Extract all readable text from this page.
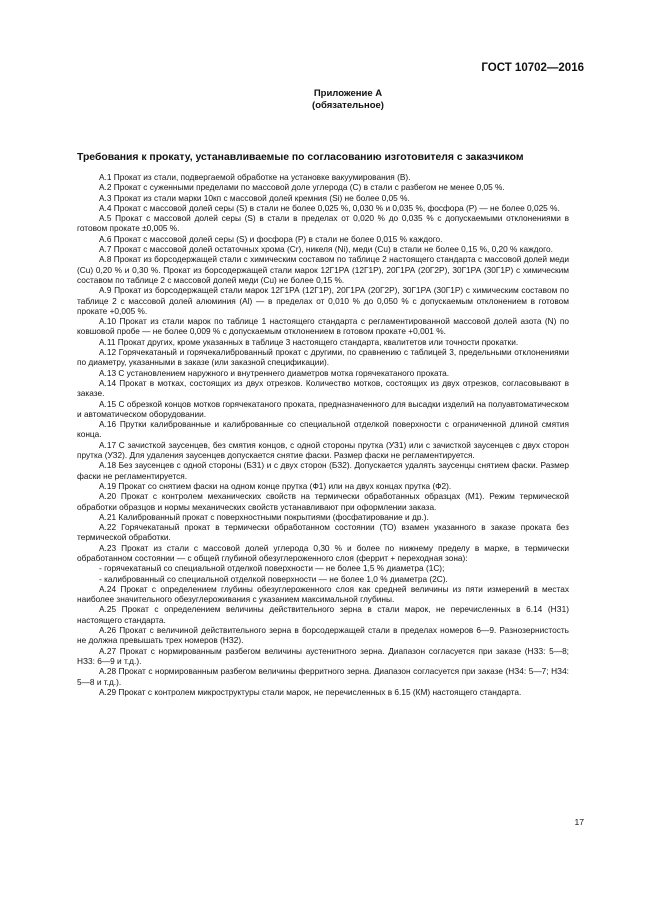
ГОСТ 10702—2016
Приложение А
(обязательное)
Требования к прокату, устанавливаемые по согласованию изготовителя с заказчиком

А.1 Прокат из стали, подвергаемой обработке на установке вакуумирования (В).

А.2 Прокат с суженными пределами по массовой доле углерода (С) в стали с разбегом не менее 0,05 %.

А.3 Прокат из стали марки 10кп с массовой долей кремния (Si) не более 0,05 %.

А.4 Прокат с массовой долей серы (S) в стали не более 0,025 %, 0,030 % и 0,035 %, фосфора (Р) — не более 0,025 %.

А.5 Прокат с массовой долей серы (S) в стали в пределах от 0,020 % до 0,035 % с допускаемыми отклонениями в готовом прокате ±0,005 %.

А.6 Прокат с массовой долей серы (S) и фосфора (Р) в стали не более 0,015 % каждого.

А.7 Прокат с массовой долей остаточных хрома (Cr), никеля (Ni), меди (Cu) в стали не более 0,15 %, 0,20 % каждого.

А.8 Прокат из борсодержащей стали с химическим составом по таблице 2 настоящего стандарта с массовой долей меди (Cu) 0,20 % и 0,30 %. Прокат из борсодержащей стали марок 12Г1РА (12Г1Р), 20Г1РА (20Г2Р), 30Г1РА (30Г1Р) с химическим составом по таблице 2 с массовой долей меди (Cu) не более 0,15 %.

А.9 Прокат из борсодержащей стали марок 12Г1РА (12Г1Р), 20Г1РА (20Г2Р), 30Г1РА (30Г1Р) с химическим составом по таблице 2 с массовой долей алюминия (Al) — в пределах от 0,010 % до 0,050 % с допускаемым отклонением в готовом прокате +0,005 %.

А.10 Прокат из стали марок по таблице 1 настоящего стандарта с регламентированной массовой долей азота (N) по ковшовой пробе — не более 0,009 % с допускаемым отклонением в готовом прокате +0,001 %.

А.11 Прокат других, кроме указанных в таблице 3 настоящего стандарта, квалитетов или точности прокатки.

А.12 Горячекатаный и горячекалиброванный прокат с другими, по сравнению с таблицей 3, предельными отклонениями по диаметру, указанными в заказе (или заказной спецификации).

А.13 С установлением наружного и внутреннего диаметров мотка горячекатаного проката.

А.14 Прокат в мотках, состоящих из двух отрезков. Количество мотков, состоящих из двух отрезков, согласовывают в заказе.

А.15 С обрезкой концов мотков горячекатаного проката, предназначенного для высадки изделий на полуавтоматическом и автоматическом оборудовании.

А.16 Прутки калиброванные и калиброванные со специальной отделкой поверхности с ограниченной длиной смятия конца.

А.17 С зачисткой заусенцев, без смятия концов, с одной стороны прутка (УЗ1) или с зачисткой заусенцев с двух сторон прутка (УЗ2). Для удаления заусенцев допускается снятие фаски. Размер фаски не регламентируется.

А.18 Без заусенцев с одной стороны (БЗ1) и с двух сторон (БЗ2). Допускается удалять заусенцы снятием фаски. Размер фаски не регламентируется.

А.19 Прокат со снятием фаски на одном конце прутка (Ф1) или на двух концах прутка (Ф2).

А.20 Прокат с контролем механических свойств на термически обработанных образцах (М1). Режим термической обработки образцов и нормы механических свойств устанавливают при оформлении заказа.

А.21 Калиброванный прокат с поверхностными покрытиями (фосфатирование и др.).

А.22 Горячекатаный прокат в термически обработанном состоянии (ТО) взамен указанного в заказе проката без термической обработки.

А.23 Прокат из стали с массовой долей углерода 0,30 % и более по нижнему пределу в марке, в термически обработанном состоянии — с общей глубиной обезуглероженного слоя (феррит + переходная зона):

- горячекатаный со специальной отделкой поверхности — не более 1,5 % диаметра (1С);

- калиброванный со специальной отделкой поверхности — не более 1,0 % диаметра (2С).

А.24 Прокат с определением глубины обезуглероженного слоя как средней величины из пяти измерений в местах наиболее значительного обезуглероживания с указанием максимальной глубины.

А.25 Прокат с определением величины действительного зерна в стали марок, не перечисленных в 6.14 (НЗ1) настоящего стандарта.

А.26 Прокат с величиной действительного зерна в борсодержащей стали в пределах номеров 6—9. Разнозернистость не должна превышать трех номеров (НЗ2).

А.27 Прокат с нормированным разбегом величины аустенитного зерна. Диапазон согласуется при заказе (НЗ3: 5—8; НЗ3: 6—9 и т.д.).

А.28 Прокат с нормированным разбегом величины ферритного зерна. Диапазон согласуется при заказе (НЗ4: 5—7; НЗ4: 5—8 и т.д.).

А.29 Прокат с контролем микроструктуры стали марок, не перечисленных в 6.15 (КМ) настоящего стандарта.

17
